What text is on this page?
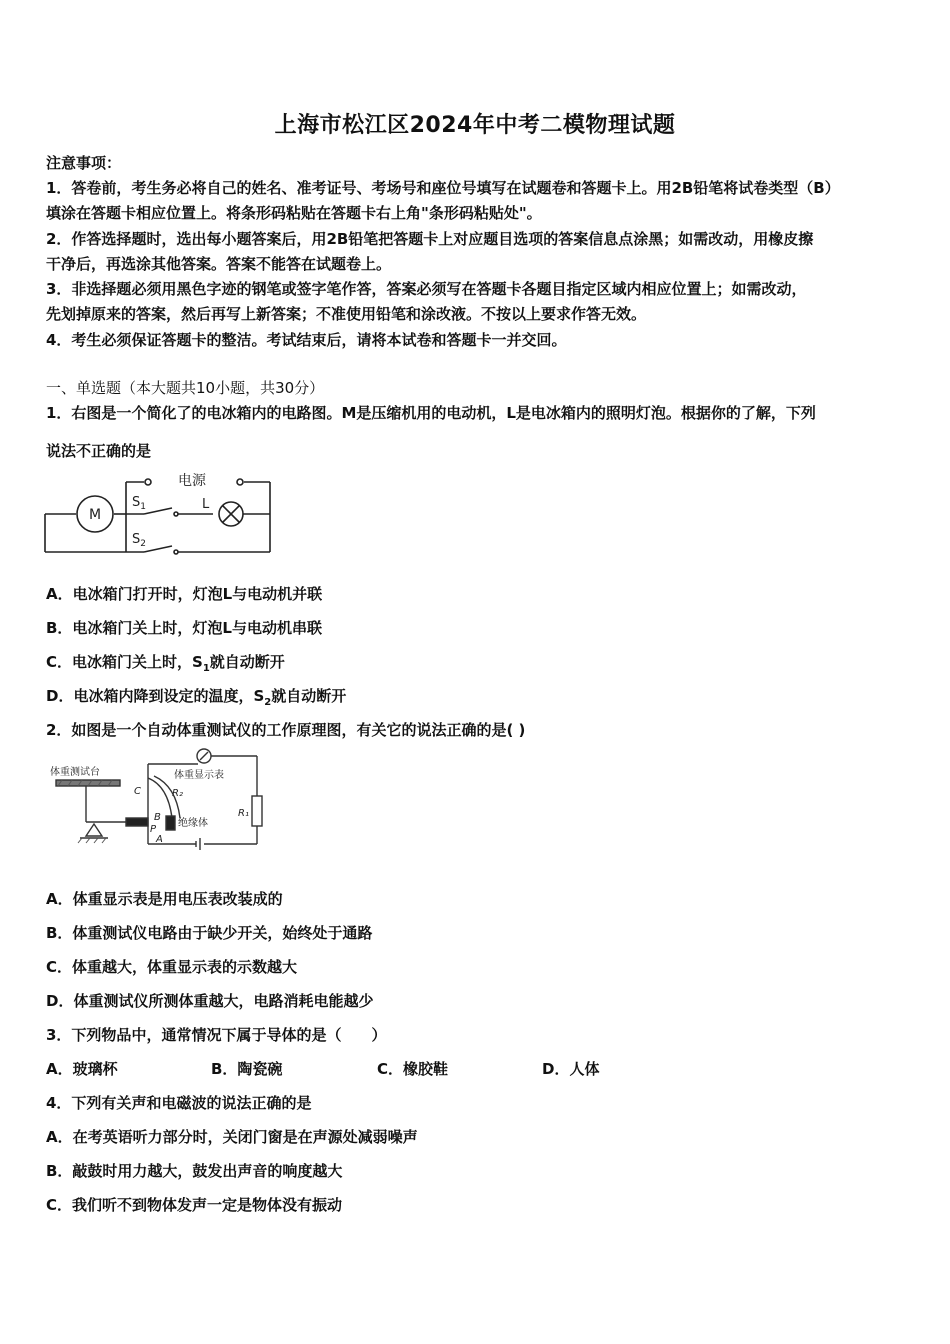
上海市松江区2024年中考二模物理试题
注意事项：
1．答卷前，考生务必将自己的姓名、准考证号、考场号和座位号填写在试题卷和答题卡上。用2B铅笔将试卷类型（B）
填涂在答题卡相应位置上。将条形码粘贴在答题卡右上角"条形码粘贴处"。
2．作答选择题时，选出每小题答案后，用2B铅笔把答题卡上对应题目选项的答案信息点涂黑；如需改动，用橡皮擦
干净后，再选涂其他答案。答案不能答在试题卷上。
3．非选择题必须用黑色字迹的钢笔或签字笔作答，答案必须写在答题卡各题目指定区域内相应位置上；如需改动，
先划掉原来的答案，然后再写上新答案；不准使用铅笔和涂改液。不按以上要求作答无效。
4．考生必须保证答题卡的整洁。考试结束后，请将本试卷和答题卡一并交回。
一、单选题（本大题共10小题，共30分）
1．右图是一个简化了的电冰箱内的电路图。M是压缩机用的电动机，L是电冰箱内的照明灯泡。根据你的了解，下列
说法不正确的是
电源
M
$S_1$	L
$S_2$
A．电冰箱门打开时，灯泡L与电动机并联
B．电冰箱门关上时，灯泡L与电动机串联
C．电冰箱门关上时，$S_1$就自动断开
D．电冰箱内降到设定的温度，$S_2$就自动断开
2．如图是一个自动体重测试仪的工作原理图，有关它的说法正确的是( )
体重测试台	体重显示表
C	R₂
R₁
B
P
A
绝缘体
A．体重显示表是用电压表改装成的
B．体重测试仪电路由于缺少开关，始终处于通路
C．体重越大，体重显示表的示数越大
D．体重测试仪所测体重越大，电路消耗电能越少
3．下列物品中，通常情况下属于导体的是（　　）
A．玻璃杯	B．陶瓷碗	C．橡胶鞋	D．人体
4．下列有关声和电磁波的说法正确的是
A．在考英语听力部分时，关闭门窗是在声源处减弱噪声
B．敲鼓时用力越大，鼓发出声音的响度越大
C．我们听不到物体发声一定是物体没有振动
